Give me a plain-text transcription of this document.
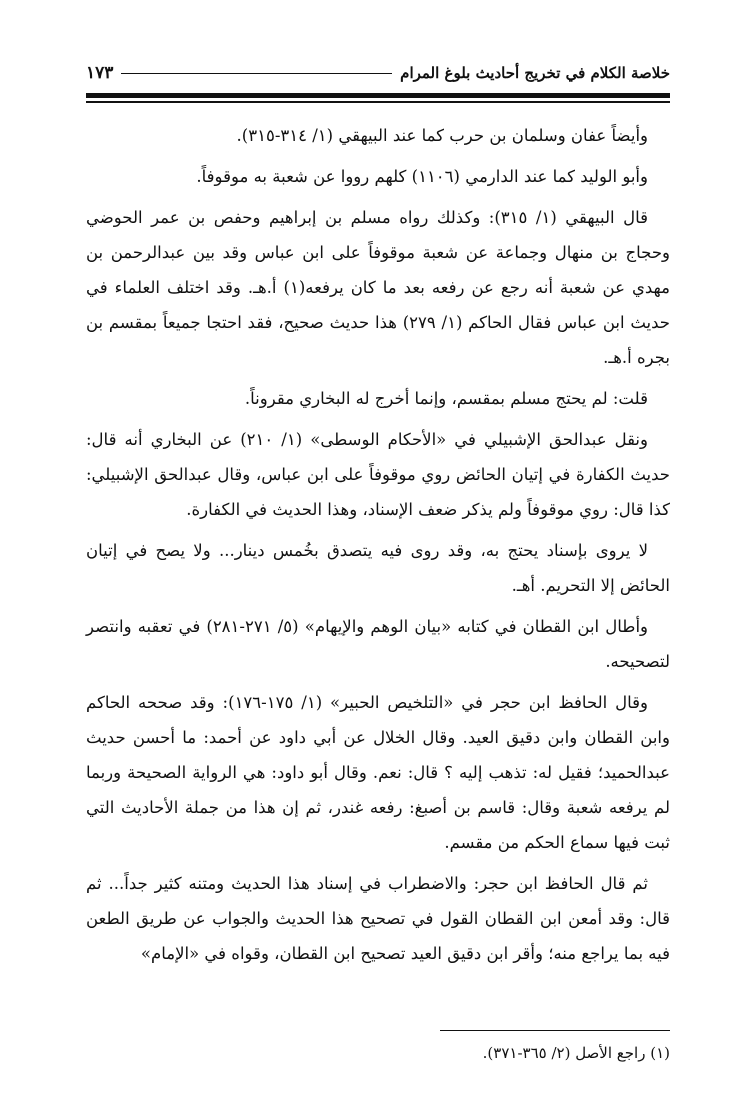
خلاصة الكلام في تخريج أحاديث بلوغ المرام
١٧٣

وأيضاً عفان وسلمان بن حرب كما عند البيهقي (١/ ٣١٤-٣١٥).

وأبو الوليد كما عند الدارمي (١١٠٦) كلهم رووا عن شعبة به موقوفاً.

قال البيهقي (١/ ٣١٥): وكذلك رواه مسلم بن إبراهيم وحفص بن عمر الحوضي وحجاج بن منهال وجماعة عن شعبة موقوفاً على ابن عباس وقد بين عبدالرحمن بن مهدي عن شعبة أنه رجع عن رفعه بعد ما كان يرفعه(١) أ.هـ. وقد اختلف العلماء في حديث ابن عباس فقال الحاكم (١/ ٢٧٩) هذا حديث صحيح، فقد احتجا جميعاً بمقسم بن بجره أ.هـ.

قلت: لم يحتج مسلم بمقسم، وإنما أخرج له البخاري مقروناً.

ونقل عبدالحق الإشبيلي في «الأحكام الوسطى» (١/ ٢١٠) عن البخاري أنه قال: حديث الكفارة في إتيان الحائض روي موقوفاً على ابن عباس، وقال عبدالحق الإشبيلي: كذا قال: روي موقوفاً ولم يذكر ضعف الإسناد، وهذا الحديث في الكفارة.

لا يروى بإسناد يحتج به، وقد روى فيه يتصدق بخُمس دينار... ولا يصح في إتيان الحائض إلا التحريم. أهـ.

وأطال ابن القطان في كتابه «بيان الوهم والإيهام» (٥/ ٢٧١-٢٨١) في تعقبه وانتصر لتصحيحه.

وقال الحافظ ابن حجر في «التلخيص الحبير» (١/ ١٧٥-١٧٦): وقد صححه الحاكم وابن القطان وابن دقيق العيد. وقال الخلال عن أبي داود عن أحمد: ما أحسن حديث عبدالحميد؛ فقيل له: تذهب إليه ؟ قال: نعم. وقال أبو داود: هي الرواية الصحيحة وربما لم يرفعه شعبة وقال: قاسم بن أصبغ: رفعه غندر، ثم إن هذا من جملة الأحاديث التي ثبت فيها سماع الحكم من مقسم.

ثم قال الحافظ ابن حجر: والاضطراب في إسناد هذا الحديث ومتنه كثير جداً... ثم قال: وقد أمعن ابن القطان القول في تصحيح هذا الحديث والجواب عن طريق الطعن فيه بما يراجع منه؛ وأقر ابن دقيق العيد تصحيح ابن القطان، وقواه في «الإمام»

(١) راجع الأصل (٢/ ٣٦٥-٣٧١).
